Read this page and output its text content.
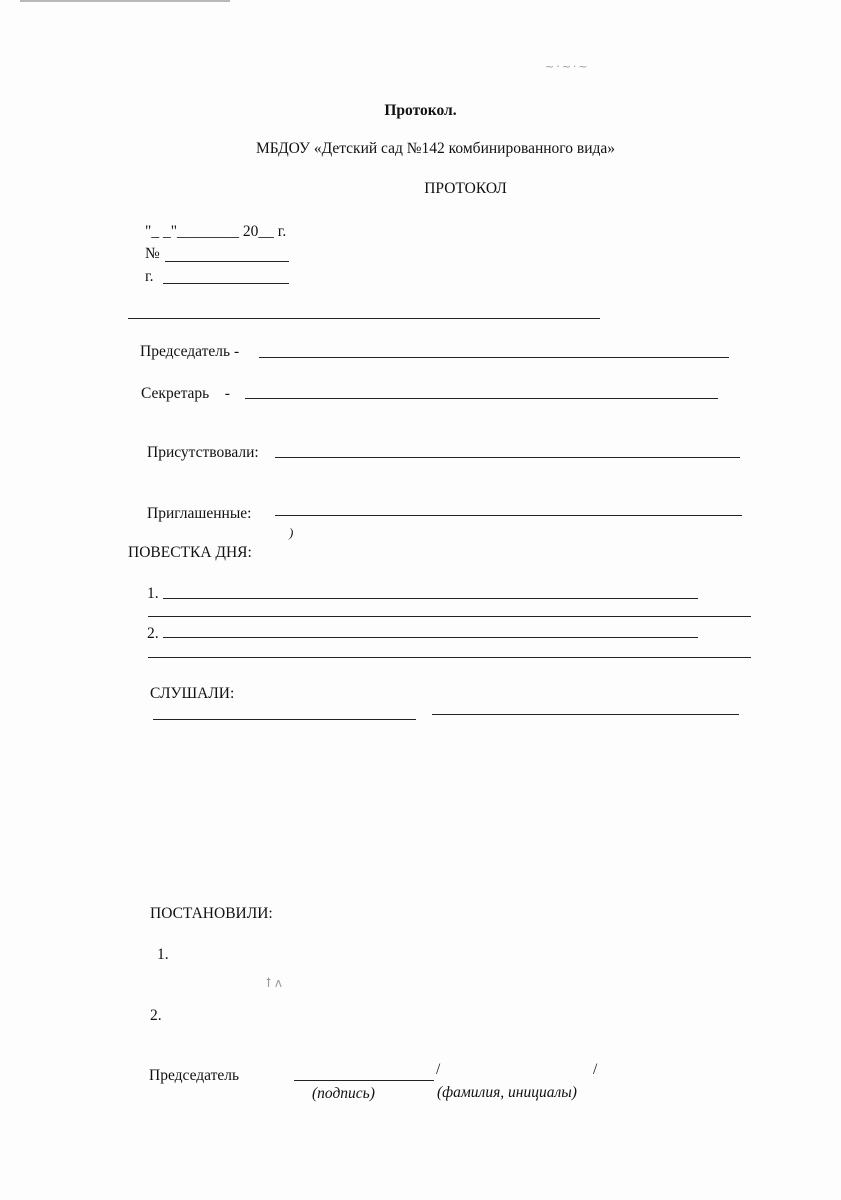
~·~·~
Протокол.
МБДОУ «Детский сад №142 комбинированного вида»
ПРОТОКОЛ
"_ _"________ 20__ г.
№
г.
Председатель -
Секретарь    -
Присутствовали:
Приглашенные:
)
ПОВЕСТКА ДНЯ:
1.
2.
СЛУШАЛИ:
ПОСТАНОВИЛИ:
1.
ꝉ ʌ
2.
Председатель	/	/
(подпись)	(фамилия, инициалы)
